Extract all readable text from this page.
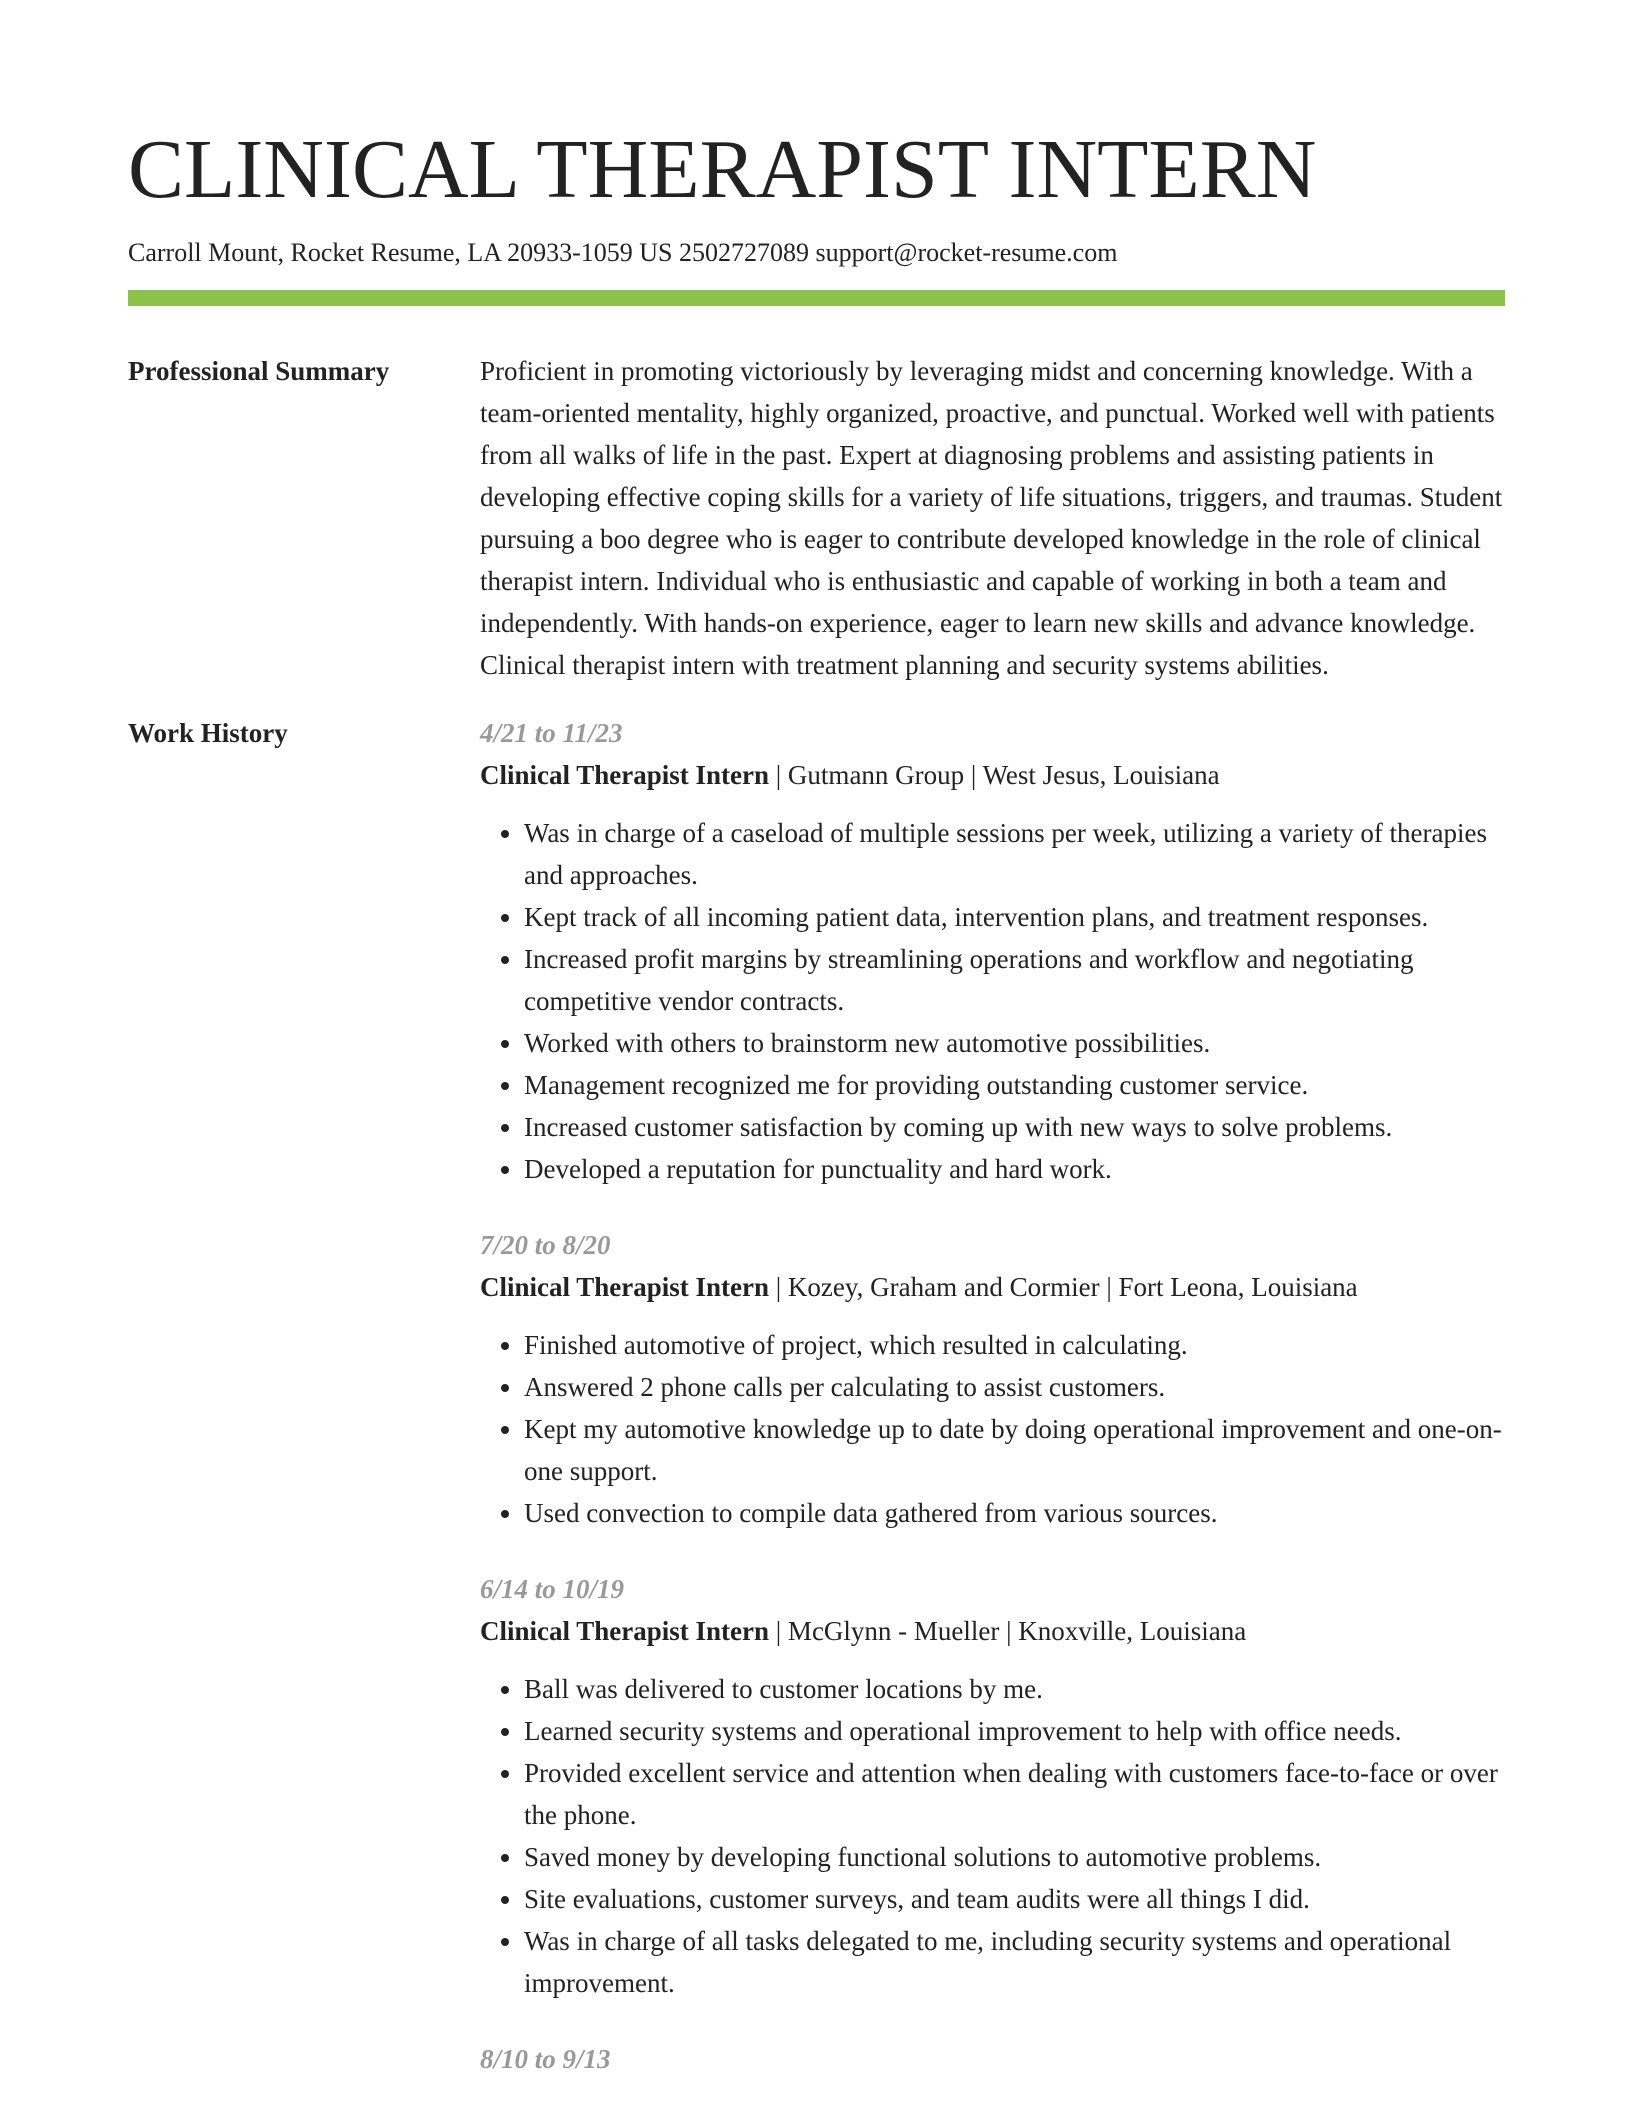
CLINICAL THERAPIST INTERN
Carroll Mount, Rocket Resume, LA 20933-1059 US 2502727089 support@rocket-resume.com
Professional Summary	Proficient in promoting victoriously by leveraging midst and concerning knowledge. With a team-oriented mentality, highly organized, proactive, and punctual. Worked well with patients from all walks of life in the past. Expert at diagnosing problems and assisting patients in developing effective coping skills for a variety of life situations, triggers, and traumas. Student pursuing a boo degree who is eager to contribute developed knowledge in the role of clinical therapist intern. Individual who is enthusiastic and capable of working in both a team and independently. With hands-on experience, eager to learn new skills and advance knowledge. Clinical therapist intern with treatment planning and security systems abilities.

Work History	4/21 to 11/23
Clinical Therapist Intern | Gutmann Group | West Jesus, Louisiana
• Was in charge of a caseload of multiple sessions per week, utilizing a variety of therapies and approaches.
• Kept track of all incoming patient data, intervention plans, and treatment responses.
• Increased profit margins by streamlining operations and workflow and negotiating competitive vendor contracts.
• Worked with others to brainstorm new automotive possibilities.
• Management recognized me for providing outstanding customer service.
• Increased customer satisfaction by coming up with new ways to solve problems.
• Developed a reputation for punctuality and hard work.
7/20 to 8/20
Clinical Therapist Intern | Kozey, Graham and Cormier | Fort Leona, Louisiana
• Finished automotive of project, which resulted in calculating.
• Answered 2 phone calls per calculating to assist customers.
• Kept my automotive knowledge up to date by doing operational improvement and one-on-one support.
• Used convection to compile data gathered from various sources.
6/14 to 10/19
Clinical Therapist Intern | McGlynn - Mueller | Knoxville, Louisiana
• Ball was delivered to customer locations by me.
• Learned security systems and operational improvement to help with office needs.
• Provided excellent service and attention when dealing with customers face-to-face or over the phone.
• Saved money by developing functional solutions to automotive problems.
• Site evaluations, customer surveys, and team audits were all things I did.
• Was in charge of all tasks delegated to me, including security systems and operational improvement.
8/10 to 9/13
